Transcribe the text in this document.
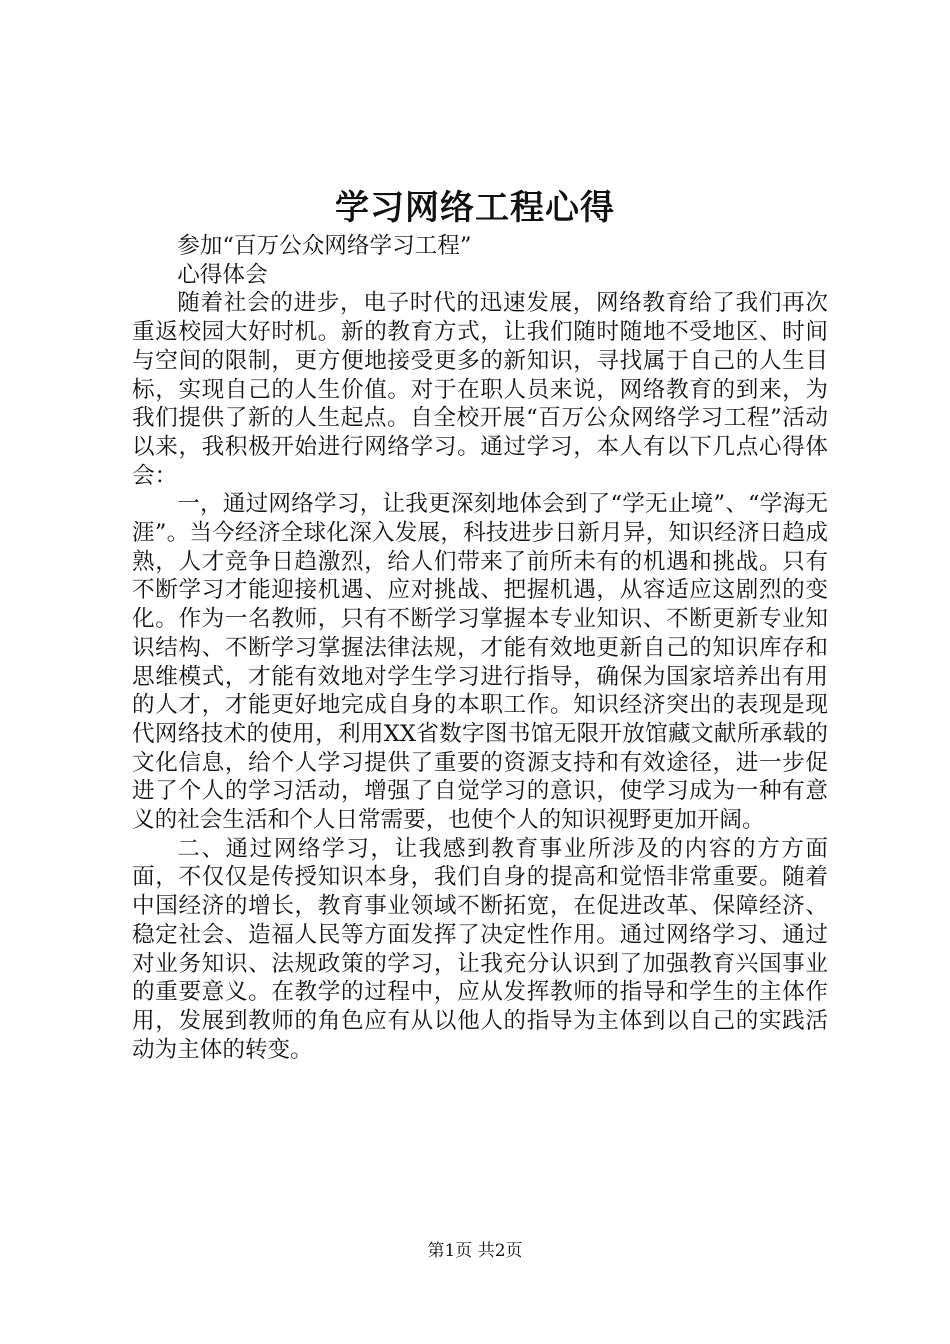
学习网络工程心得

参加“百万公众网络学习工程”

心得体会

随着社会的进步，电子时代的迅速发展，网络教育给了我们再次重返校园大好时机。新的教育方式，让我们随时随地不受地区、时间与空间的限制，更方便地接受更多的新知识，寻找属于自己的人生目标，实现自己的人生价值。对于在职人员来说，网络教育的到来，为我们提供了新的人生起点。自全校开展“百万公众网络学习工程”活动以来，我积极开始进行网络学习。通过学习，本人有以下几点心得体会：

一，通过网络学习，让我更深刻地体会到了“学无止境”、“学海无涯”。当今经济全球化深入发展，科技进步日新月异，知识经济日趋成熟，人才竞争日趋激烈，给人们带来了前所未有的机遇和挑战。只有不断学习才能迎接机遇、应对挑战、把握机遇，从容适应这剧烈的变化。作为一名教师，只有不断学习掌握本专业知识、不断更新专业知识结构、不断学习掌握法律法规，才能有效地更新自己的知识库存和思维模式，才能有效地对学生学习进行指导，确保为国家培养出有用的人才，才能更好地完成自身的本职工作。知识经济突出的表现是现代网络技术的使用，利用XX省数字图书馆无限开放馆藏文献所承载的文化信息，给个人学习提供了重要的资源支持和有效途径，进一步促进了个人的学习活动，增强了自觉学习的意识，使学习成为一种有意义的社会生活和个人日常需要，也使个人的知识视野更加开阔。

二、通过网络学习，让我感到教育事业所涉及的内容的方方面面，不仅仅是传授知识本身，我们自身的提高和觉悟非常重要。随着中国经济的增长，教育事业领域不断拓宽，在促进改革、保障经济、稳定社会、造福人民等方面发挥了决定性作用。通过网络学习、通过对业务知识、法规政策的学习，让我充分认识到了加强教育兴国事业的重要意义。在教学的过程中，应从发挥教师的指导和学生的主体作用，发展到教师的角色应有从以他人的指导为主体到以自己的实践活动为主体的转变。

第1页 共2页
